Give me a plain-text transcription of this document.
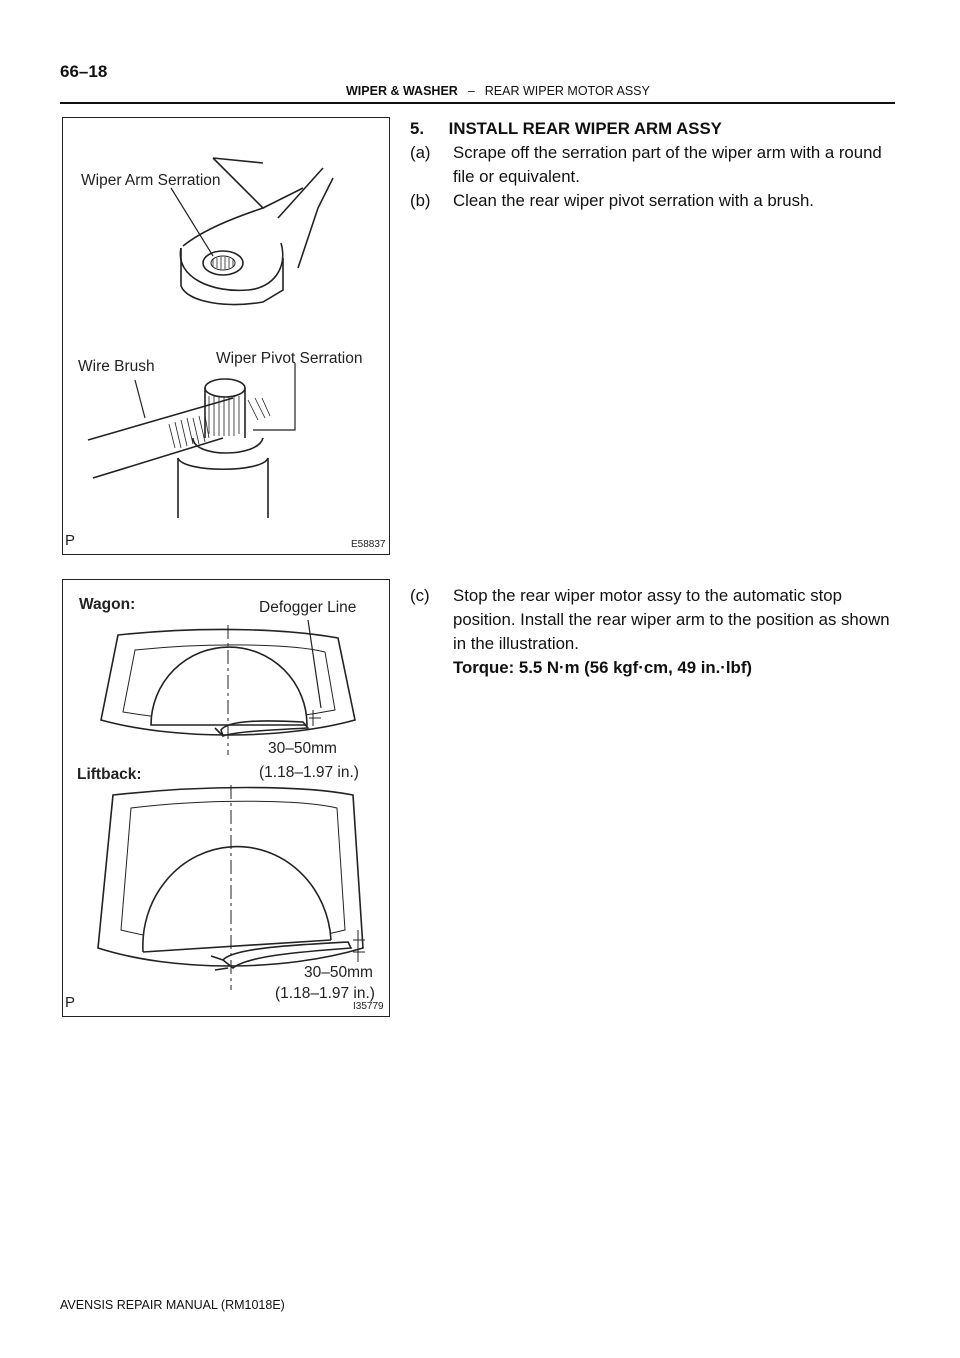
66–18
WIPER & WASHER – REAR WIPER MOTOR ASSY
Wiper Arm Serration
Wire Brush	Wiper Pivot Serration
P	E58837
Wagon:	Defogger Line
30–50mm
(1.18–1.97 in.)
Liftback:
30–50mm
(1.18–1.97 in.)
P	I35779
5. INSTALL REAR WIPER ARM ASSY
(a) Scrape off the serration part of the wiper arm with a round file or equivalent.
(b) Clean the rear wiper pivot serration with a brush.
(c) Stop the rear wiper motor assy to the automatic stop position. Install the rear wiper arm to the position as shown in the illustration.
Torque: 5.5 N·m (56 kgf·cm, 49 in.·lbf)
AVENSIS REPAIR MANUAL (RM1018E)
